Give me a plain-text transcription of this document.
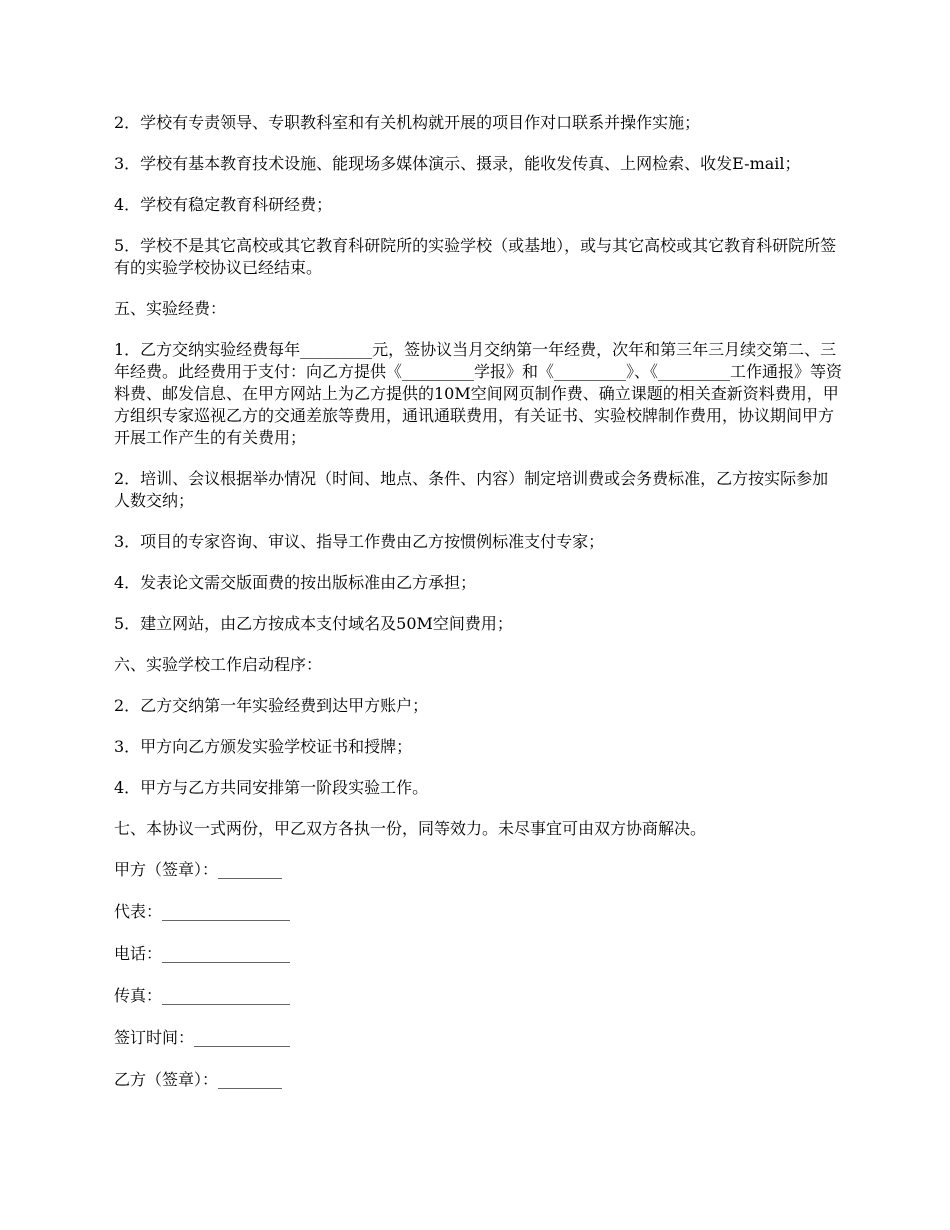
2．学校有专责领导、专职教科室和有关机构就开展的项目作对口联系并操作实施；

3．学校有基本教育技术设施、能现场多媒体演示、摄录，能收发传真、上网检索、收发E-mail；

4．学校有稳定教育科研经费；

5．学校不是其它高校或其它教育科研院所的实验学校（或基地），或与其它高校或其它教育科研院所签有的实验学校协议已经结束。

五、实验经费：

1．乙方交纳实验经费每年_________元，签协议当月交纳第一年经费，次年和第三年三月续交第二、三年经费。此经费用于支付：向乙方提供《_________学报》和《_________》、《_________工作通报》等资料费、邮发信息、在甲方网站上为乙方提供的10M空间网页制作费、确立课题的相关查新资料费用，甲方组织专家巡视乙方的交通差旅等费用，通讯通联费用，有关证书、实验校牌制作费用，协议期间甲方开展工作产生的有关费用；

2．培训、会议根据举办情况（时间、地点、条件、内容）制定培训费或会务费标准，乙方按实际参加人数交纳；

3．项目的专家咨询、审议、指导工作费由乙方按惯例标准支付专家；

4．发表论文需交版面费的按出版标准由乙方承担；

5．建立网站，由乙方按成本支付域名及50M空间费用；

六、实验学校工作启动程序：

2．乙方交纳第一年实验经费到达甲方账户；

3．甲方向乙方颁发实验学校证书和授牌；

4．甲方与乙方共同安排第一阶段实验工作。

七、本协议一式两份，甲乙双方各执一份，同等效力。未尽事宜可由双方协商解决。

甲方（签章）：________

代表：________________

电话：________________

传真：________________

签订时间：____________

乙方（签章）：________
